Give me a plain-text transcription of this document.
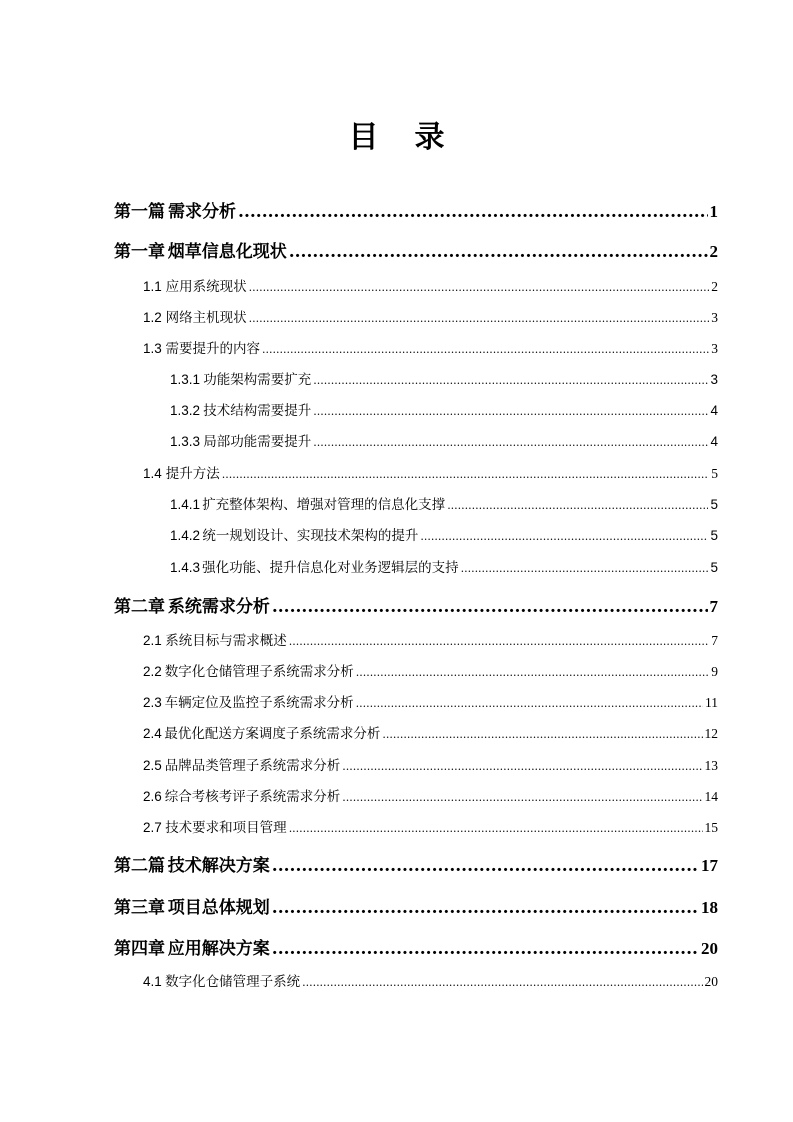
目录
第一篇 需求分析 .....	1
第一章 烟草信息化现状 .....	2
1.1 应用系统现状 .....	2
1.2 网络主机现状 .....	3
1.3 需要提升的内容 .....	3
1.3.1 功能架构需要扩充 .....	3
1.3.2 技术结构需要提升 .....	4
1.3.3 局部功能需要提升 .....	4
1.4 提升方法 .....	5
1.4.1 扩充整体架构、增强对管理的信息化支撑 .....	5
1.4.2 统一规划设计、实现技术架构的提升 .....	5
1.4.3 强化功能、提升信息化对业务逻辑层的支持 .....	5
第二章 系统需求分析 .....	7
2.1 系统目标与需求概述 .....	7
2.2 数字化仓储管理子系统需求分析 .....	9
2.3 车辆定位及监控子系统需求分析 .....	11
2.4 最优化配送方案调度子系统需求分析 .....	12
2.5 品牌品类管理子系统需求分析 .....	13
2.6 综合考核考评子系统需求分析 .....	14
2.7 技术要求和项目管理 .....	15
第二篇 技术解决方案 .....	17
第三章 项目总体规划 .....	18
第四章 应用解决方案 .....	20
4.1 数字化仓储管理子系统 .....	20
